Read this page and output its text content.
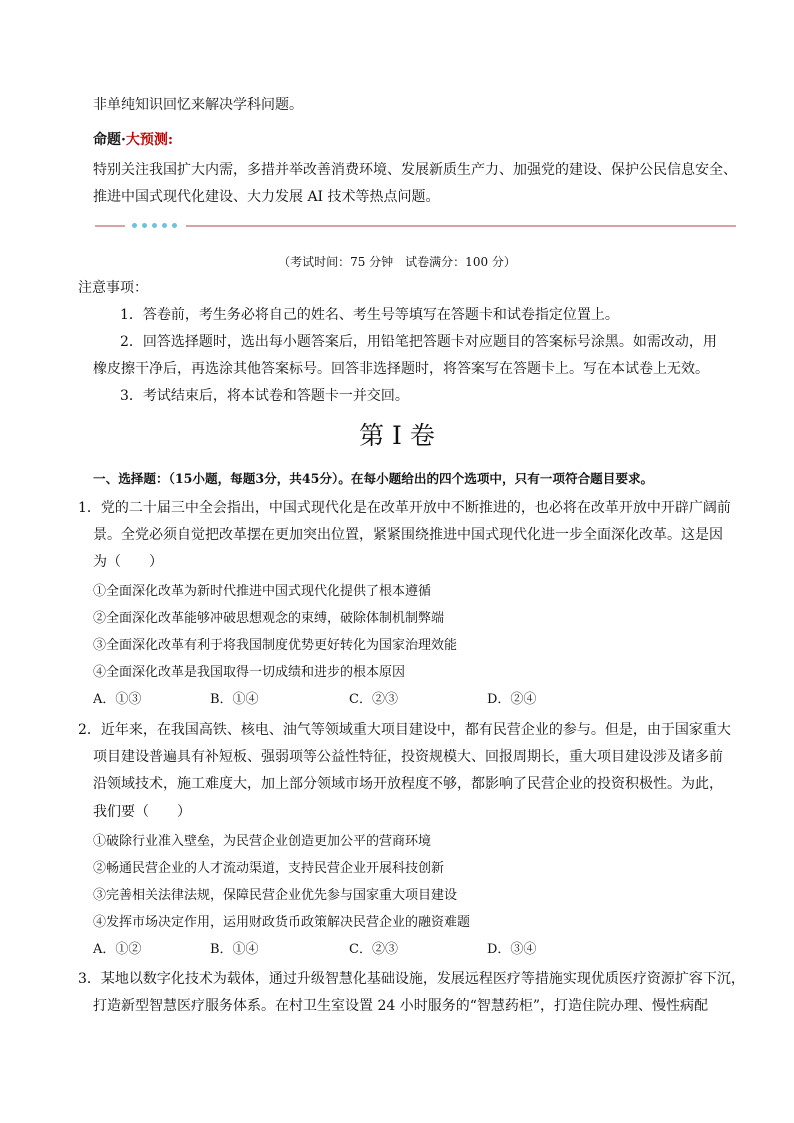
非单纯知识回忆来解决学科问题。
命题·大预测:
特别关注我国扩大内需，多措并举改善消费环境、发展新质生产力、加强党的建设、保护公民信息安全、
推进中国式现代化建设、大力发展 AI 技术等热点问题。
（考试时间：75 分钟　试卷满分：100 分）
注意事项：
1．答卷前，考生务必将自己的姓名、考生号等填写在答题卡和试卷指定位置上。
2．回答选择题时，选出每小题答案后，用铅笔把答题卡对应题目的答案标号涂黑。如需改动，用
橡皮擦干净后，再选涂其他答案标号。回答非选择题时，将答案写在答题卡上。写在本试卷上无效。
3．考试结束后，将本试卷和答题卡一并交回。
第 I 卷
一、选择题：（15小题，每题3分，共45分）。在每小题给出的四个选项中，只有一项符合题目要求。
1．党的二十届三中全会指出，中国式现代化是在改革开放中不断推进的，也必将在改革开放中开辟广阔前
景。全党必须自觉把改革摆在更加突出位置，紧紧围绕推进中国式现代化进一步全面深化改革。这是因
为（　　）
①全面深化改革为新时代推进中国式现代化提供了根本遵循
②全面深化改革能够冲破思想观念的束缚，破除体制机制弊端
③全面深化改革有利于将我国制度优势更好转化为国家治理效能
④全面深化改革是我国取得一切成绩和进步的根本原因
A．①③	B．①④	C．②③	D．②④
2．近年来，在我国高铁、核电、油气等领域重大项目建设中，都有民营企业的参与。但是，由于国家重大
项目建设普遍具有补短板、强弱项等公益性特征，投资规模大、回报周期长，重大项目建设涉及诸多前
沿领域技术，施工难度大，加上部分领域市场开放程度不够，都影响了民营企业的投资积极性。为此，
我们要（　　）
①破除行业准入壁垒，为民营企业创造更加公平的营商环境
②畅通民营企业的人才流动渠道，支持民营企业开展科技创新
③完善相关法律法规，保障民营企业优先参与国家重大项目建设
④发挥市场决定作用，运用财政货币政策解决民营企业的融资难题
A．①②	B．①④	C．②③	D．③④
3．某地以数字化技术为载体，通过升级智慧化基础设施，发展远程医疗等措施实现优质医疗资源扩容下沉，
打造新型智慧医疗服务体系。在村卫生室设置 24 小时服务的“智慧药柜”，打造住院办理、慢性病配
